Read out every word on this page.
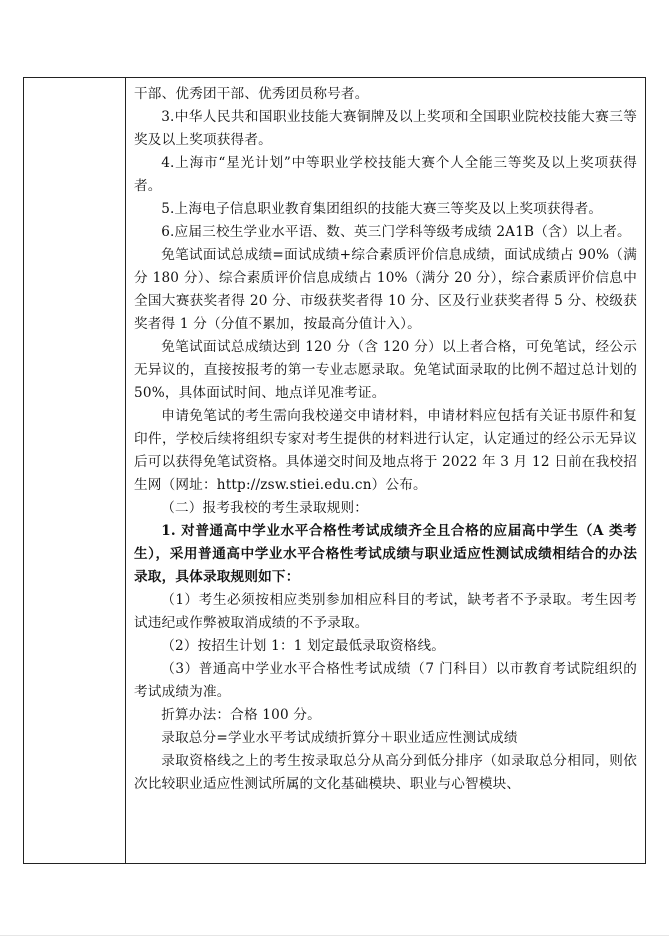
干部、优秀团干部、优秀团员称号者。

3.中华人民共和国职业技能大赛铜牌及以上奖项和全国职业院校技能大赛三等奖及以上奖项获得者。

4.上海市“星光计划”中等职业学校技能大赛个人全能三等奖及以上奖项获得者。

5.上海电子信息职业教育集团组织的技能大赛三等奖及以上奖项获得者。

6.应届三校生学业水平语、数、英三门学科等级考成绩 2A1B（含）以上者。

免笔试面试总成绩=面试成绩+综合素质评价信息成绩，面试成绩占 90%（满分 180 分）、综合素质评价信息成绩占 10%（满分 20 分），综合素质评价信息中全国大赛获奖者得 20 分、市级获奖者得 10 分、区及行业获奖者得 5 分、校级获奖者得 1 分（分值不累加，按最高分值计入）。

免笔试面试总成绩达到 120 分（含 120 分）以上者合格，可免笔试，经公示无异议的，直接按报考的第一专业志愿录取。免笔试面录取的比例不超过总计划的 50%，具体面试时间、地点详见准考证。

申请免笔试的考生需向我校递交申请材料，申请材料应包括有关证书原件和复印件，学校后续将组织专家对考生提供的材料进行认定，认定通过的经公示无异议后可以获得免笔试资格。具体递交时间及地点将于 2022 年 3 月 12 日前在我校招生网（网址：http://zsw.stiei.edu.cn）公布。

（二）报考我校的考生录取规则：

1. 对普通高中学业水平合格性考试成绩齐全且合格的应届高中学生（A 类考生），采用普通高中学业水平合格性考试成绩与职业适应性测试成绩相结合的办法录取，具体录取规则如下：

（1）考生必须按相应类别参加相应科目的考试，缺考者不予录取。考生因考试违纪或作弊被取消成绩的不予录取。

（2）按招生计划 1：1 划定最低录取资格线。

（3）普通高中学业水平合格性考试成绩（7 门科目）以市教育考试院组织的考试成绩为准。

折算办法：合格 100 分。

录取总分=学业水平考试成绩折算分＋职业适应性测试成绩

录取资格线之上的考生按录取总分从高分到低分排序（如录取总分相同，则依次比较职业适应性测试所属的文化基础模块、职业与心智模块、
